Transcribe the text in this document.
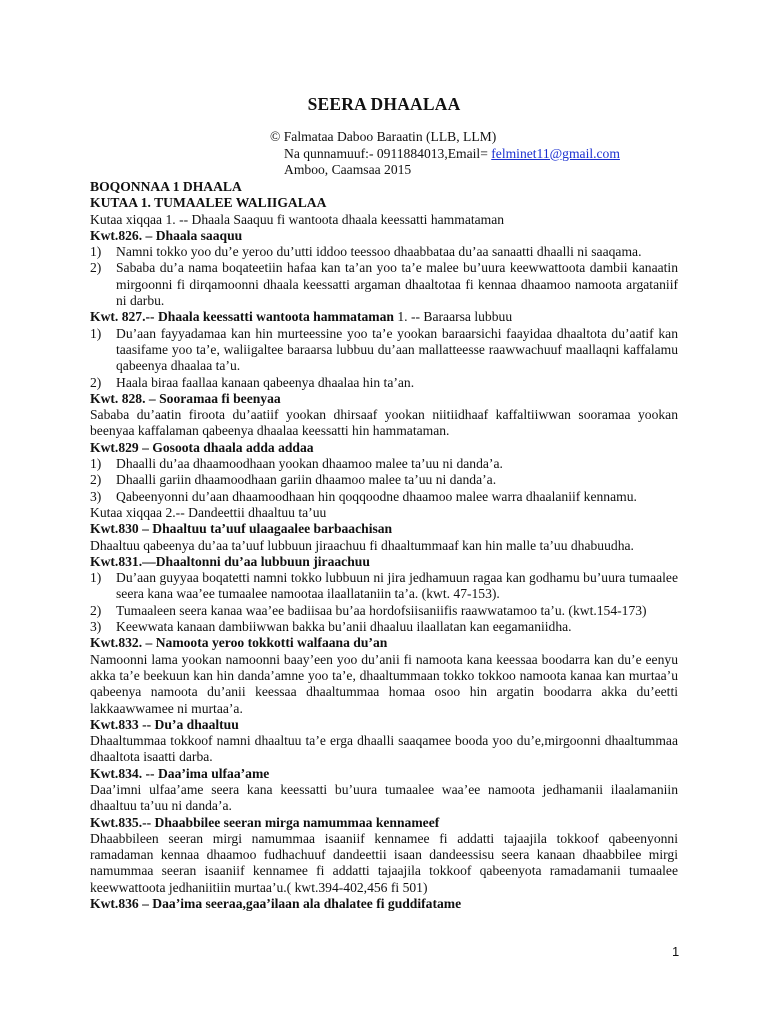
SEERA DHAALAA
© Falmataa Daboo Baraatin (LLB, LLM)
Na qunnamuuf:- 0911884013,Email= felminet11@gmail.com
Amboo, Caamsaa 2015

BOQONNAA 1 DHAALA

KUTAA 1. TUMAALEE WALIIGALAA

Kutaa xiqqaa 1. -- Dhaala Saaquu fi wantoota dhaala keessatti hammataman

Kwt.826. – Dhaala saaquu

1)	Namni tokko yoo du’e yeroo du’utti iddoo teessoo dhaabbataa du’aa sanaatti dhaalli ni saaqama.
2)	Sababa du’a nama boqateetiin hafaa kan ta’an yoo ta’e malee bu’uura keewwattoota dambii kanaatin mirgoonni fi dirqamoonni dhaala keessatti argaman dhaaltotaa fi kennaa dhaamoo namoota argataniif ni darbu.

Kwt. 827.-- Dhaala keessatti wantoota hammataman 1. -- Baraarsa lubbuu

1)	Du’aan fayyadamaa kan hin murteessine yoo ta’e yookan baraarsichi faayidaa dhaaltota du’aatif kan taasifame yoo ta’e, waliigaltee baraarsa lubbuu du’aan mallatteesse raawwachuuf maallaqni kaffalamu qabeenya dhaalaa ta’u.
2)	Haala biraa faallaa kanaan qabeenya dhaalaa hin ta’an.

Kwt. 828. – Sooramaa fi beenyaa

Sababa du’aatin firoota du’aatiif yookan dhirsaaf yookan niitiidhaaf kaffaltiiwwan sooramaa yookan beenyaa kaffalaman qabeenya dhaalaa keessatti hin hammataman.

Kwt.829 – Gosoota dhaala adda addaa

1)	Dhaalli du’aa dhaamoodhaan yookan dhaamoo malee ta’uu ni danda’a.
2)	Dhaalli gariin dhaamoodhaan gariin dhaamoo malee ta’uu ni danda’a.
3)	Qabeenyonni du’aan dhaamoodhaan hin qoqqoodne dhaamoo malee warra dhaalaniif kennamu.

Kutaa xiqqaa 2.-- Dandeettii dhaaltuu ta’uu

Kwt.830 – Dhaaltuu ta’uuf ulaagaalee barbaachisan

Dhaaltuu qabeenya du’aa ta’uuf lubbuun jiraachuu fi dhaaltummaaf kan hin malle ta’uu dhabuudha.

Kwt.831.—Dhaaltonni du’aa lubbuun jiraachuu

1)	Du’aan guyyaa boqatetti namni tokko lubbuun ni jira jedhamuun ragaa kan godhamu bu’uura tumaalee seera kana waa’ee tumaalee namootaa ilaallataniin ta’a. (kwt. 47-153).
2)	Tumaaleen seera kanaa waa’ee badiisaa bu’aa hordofsiisaniifis raawwatamoo ta’u. (kwt.154-173)
3)	Keewwata kanaan dambiiwwan bakka bu’anii dhaaluu ilaallatan kan eegamaniidha.

Kwt.832. – Namoota yeroo tokkotti walfaana du’an

Namoonni lama yookan namoonni baay’een yoo du’anii fi namoota kana keessaa boodarra kan du’e eenyu akka ta’e beekuun kan hin danda’amne yoo ta’e, dhaaltummaan tokko tokkoo namoota kanaa kan murtaa’u qabeenya namoota du’anii keessaa dhaaltummaa homaa osoo hin argatin boodarra akka du’eetti lakkaawwamee ni murtaa’a.

Kwt.833 -- Du’a dhaaltuu

Dhaaltummaa tokkoof namni dhaaltuu ta’e erga dhaalli saaqamee booda yoo du’e,mirgoonni dhaaltummaa dhaaltota isaatti darba.

Kwt.834. -- Daa’ima ulfaa’ame

Daa’imni ulfaa’ame seera kana keessatti bu’uura tumaalee waa’ee namoota jedhamanii ilaalamaniin dhaaltuu ta’uu ni danda’a.

Kwt.835.-- Dhaabbilee seeran mirga namummaa kennameef

Dhaabbileen seeran mirgi namummaa isaaniif kennamee fi addatti tajaajila tokkoof qabeenyonni ramadaman kennaa dhaamoo fudhachuuf dandeettii isaan dandeessisu seera kanaan dhaabbilee mirgi namummaa seeran isaaniif kennamee fi addatti tajaajila tokkoof qabeenyota ramadamanii tumaalee keewwattoota jedhaniitiin murtaa’u.( kwt.394-402,456 fi 501)

Kwt.836 – Daa’ima seeraa,gaa’ilaan ala dhalatee fi guddifatame

1
